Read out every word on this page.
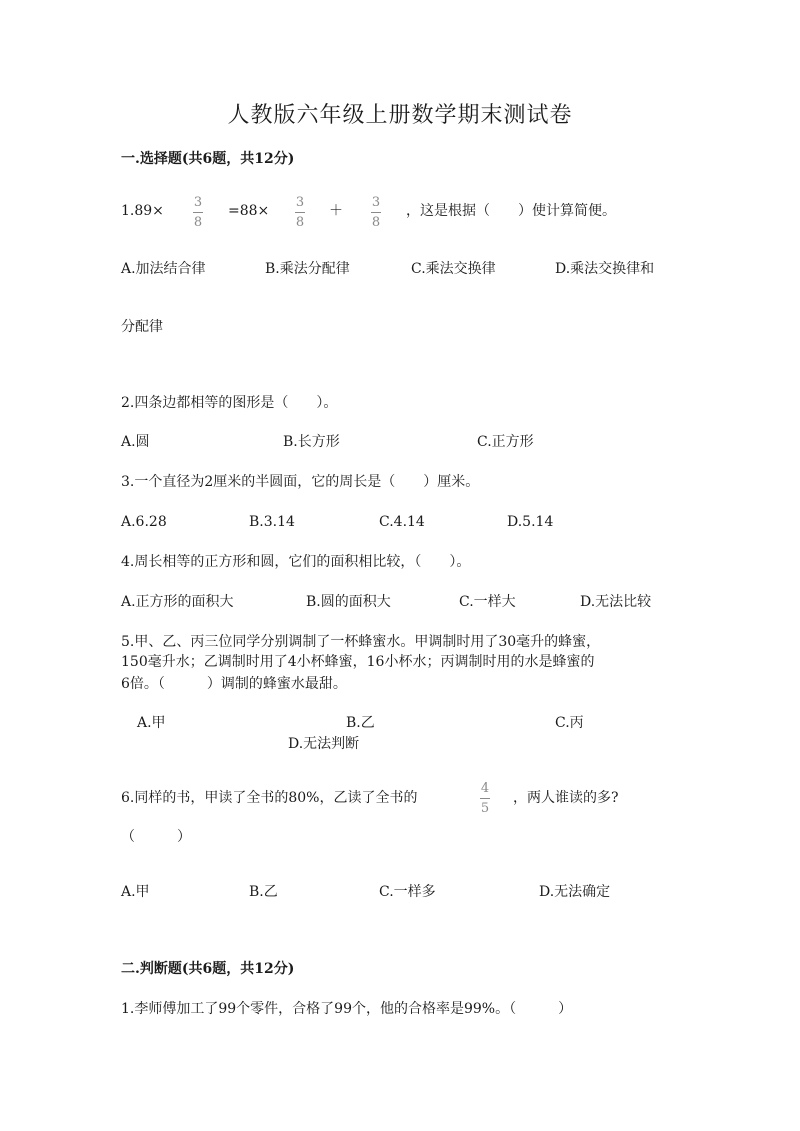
人教版六年级上册数学期末测试卷
一.选择题(共6题，共12分)
1.89×
3
8
=88×
3
8
＋
3
8
，这是根据（　　）使计算简便。
A.加法结合律	B.乘法分配律	C.乘法交换律	D.乘法交换律和
分配律
2.四条边都相等的图形是（　　）。
A.圆	B.长方形	C.正方形
3.一个直径为2厘米的半圆面，它的周长是（　　）厘米。
A.6.28	B.3.14	C.4.14	D.5.14
4.周长相等的正方形和圆，它们的面积相比较，（　　）。
A.正方形的面积大	B.圆的面积大	C.一样大	D.无法比较
5.甲、乙、丙三位同学分别调制了一杯蜂蜜水。甲调制时用了30毫升的蜂蜜，
150毫升水；乙调制时用了4小杯蜂蜜，16小杯水；丙调制时用的水是蜂蜜的
6倍。（　　　）调制的蜂蜜水最甜。
A.甲	B.乙	C.丙
D.无法判断
6.同样的书，甲读了全书的80%，乙读了全书的
4
5
，两人谁读的多?
（　　　）
A.甲	B.乙	C.一样多	D.无法确定
二.判断题(共6题，共12分)
1.李师傅加工了99个零件，合格了99个，他的合格率是99%。（　　　）
